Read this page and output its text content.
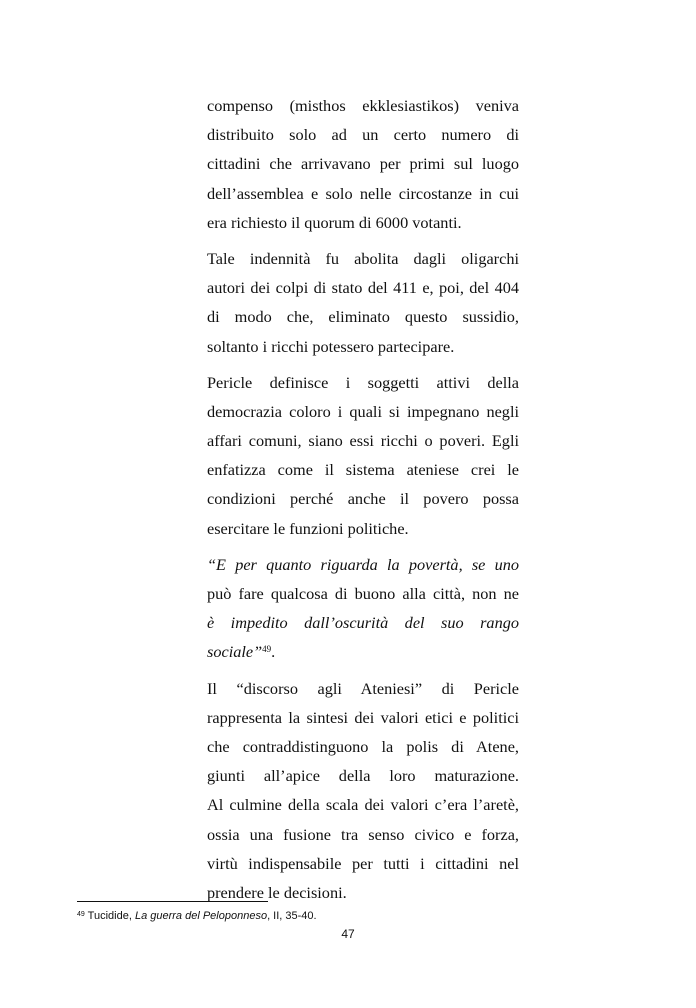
compenso (misthos ekklesiastikos) veniva
distribuito solo ad un certo numero di
cittadini che arrivavano per primi sul luogo
dell’assemblea e solo nelle circostanze in cui
era richiesto il quorum di 6000 votanti.

Tale indennità fu abolita dagli oligarchi
autori dei colpi di stato del 411 e, poi, del 404
di modo che, eliminato questo sussidio,
soltanto i ricchi potessero partecipare.

Pericle definisce i soggetti attivi della
democrazia coloro i quali si impegnano negli
affari comuni, siano essi ricchi o poveri. Egli
enfatizza come il sistema ateniese crei le
condizioni perché anche il povero possa
esercitare le funzioni politiche.

“E per quanto riguarda la povertà, se uno
può fare qualcosa di buono alla città, non ne
è impedito dall’oscurità del suo rango
sociale”$^{49}$.

Il “discorso agli Ateniesi” di Pericle
rappresenta la sintesi dei valori etici e politici
che contraddistinguono la polis di Atene,
giunti all’apice della loro maturazione.
Al culmine della scala dei valori c’era l’aretè,
ossia una fusione tra senso civico e forza,
virtù indispensabile per tutti i cittadini nel
prendere le decisioni.

$^{49}$ Tucidide, La guerra del Peloponneso, II, 35-40.
47
